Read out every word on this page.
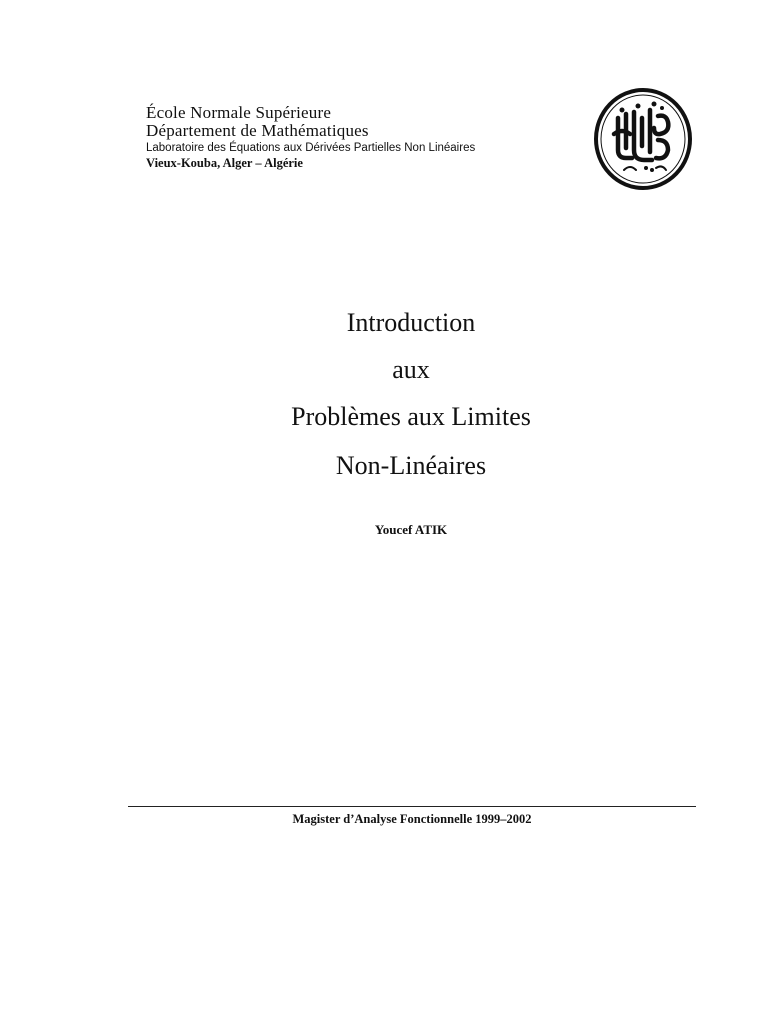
École Normale Supérieure
Département de Mathématiques
Laboratoire des Équations aux Dérivées Partielles Non Linéaires
Vieux-Kouba, Alger – Algérie
Introduction
aux
Problèmes aux Limites
Non-Linéaires
Youcef ATIK
Magister d’Analyse Fonctionnelle 1999–2002
